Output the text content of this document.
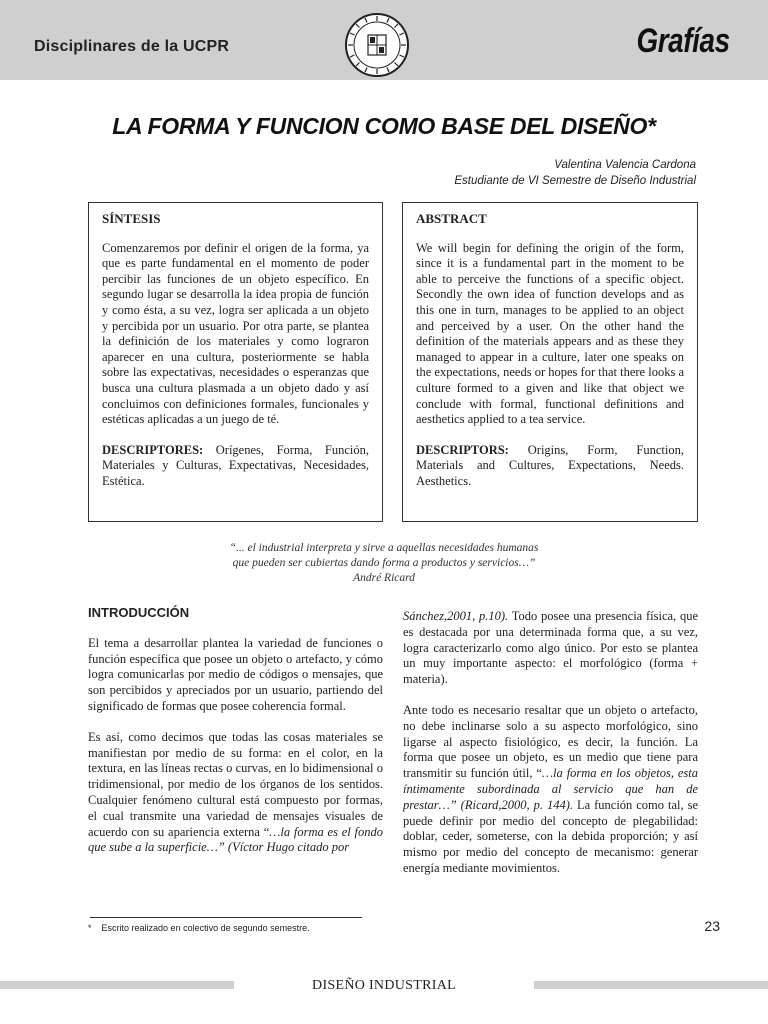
Disciplinares de la UCPR	Grafías
LA FORMA Y FUNCION COMO BASE DEL DISEÑO*
Valentina Valencia Cardona
Estudiante de VI Semestre de Diseño Industrial
SÍNTESIS
Comenzaremos por definir el origen de la forma, ya que es parte fundamental en el momento de poder percibir las funciones de un objeto específico. En segundo lugar se desarrolla la idea propia de función y como ésta, a su vez, logra ser aplicada a un objeto y percibida por un usuario. Por otra parte, se plantea la definición de los materiales y como lograron aparecer en una cultura, posteriormente se habla sobre las expectativas, necesidades o esperanzas que busca una cultura plasmada a un objeto dado y así concluimos con definiciones formales, funcionales y estéticas aplicadas a un juego de té.
DESCRIPTORES: Orígenes, Forma, Función, Materiales y Culturas, Expectativas, Necesidades, Estética.
ABSTRACT
We will begin for defining the origin of the form, since it is a fundamental part in the moment to be able to perceive the functions of a specific object. Secondly the own idea of function develops and as this one in turn, manages to be applied to an object and perceived by a user. On the other hand the definition of the materials appears and as these they managed to appear in a culture, later one speaks on the expectations, needs or hopes for that there looks a culture formed to a given and like that object we conclude with formal, functional definitions and aesthetics applied to a tea service.
DESCRIPTORS: Origins, Form, Function, Materials and Cultures, Expectations, Needs. Aesthetics.
“... el industrial interpreta y sirve a aquellas necesidades humanas
que pueden ser cubiertas dando forma a productos y servicios…”
André Ricard
INTRODUCCIÓN
El tema a desarrollar plantea la variedad de funciones o función específica que posee un objeto o artefacto, y cómo logra comunicarlas por medio de códigos o mensajes, que son percibidos y apreciados por un usuario, partiendo del significado de formas que posee coherencia formal.
Es así, como decimos que todas las cosas materiales se manifiestan por medio de su forma: en el color, en la textura, en las líneas rectas o curvas, en lo bidimensional o tridimensional, por medio de los órganos de los sentidos. Cualquier fenómeno cultural está compuesto por formas, el cual transmite una variedad de mensajes visuales de acuerdo con su apariencia externa “…la forma es el fondo que sube a la superficie…” (Víctor Hugo citado por
Sánchez,2001, p.10). Todo posee una presencia física, que es destacada por una determinada forma que, a su vez, logra caracterizarlo como algo único. Por esto se plantea un muy importante aspecto: el morfológico (forma + materia).
Ante todo es necesario resaltar que un objeto o artefacto, no debe inclinarse solo a su aspecto morfológico, sino ligarse al aspecto fisiológico, es decir, la función. La forma que posee un objeto, es un medio que tiene para transmitir su función útil, “…la forma en los objetos, esta íntimamente subordinada al servicio que han de prestar…” (Ricard,2000, p. 144). La función como tal, se puede definir por medio del concepto de plegabilidad: doblar, ceder, someterse, con la debida proporción; y así mismo por medio del concepto de mecanismo: generar energía mediante movimientos.
* Escrito realizado en colectivo de segundo semestre.	23
DISEÑO INDUSTRIAL
